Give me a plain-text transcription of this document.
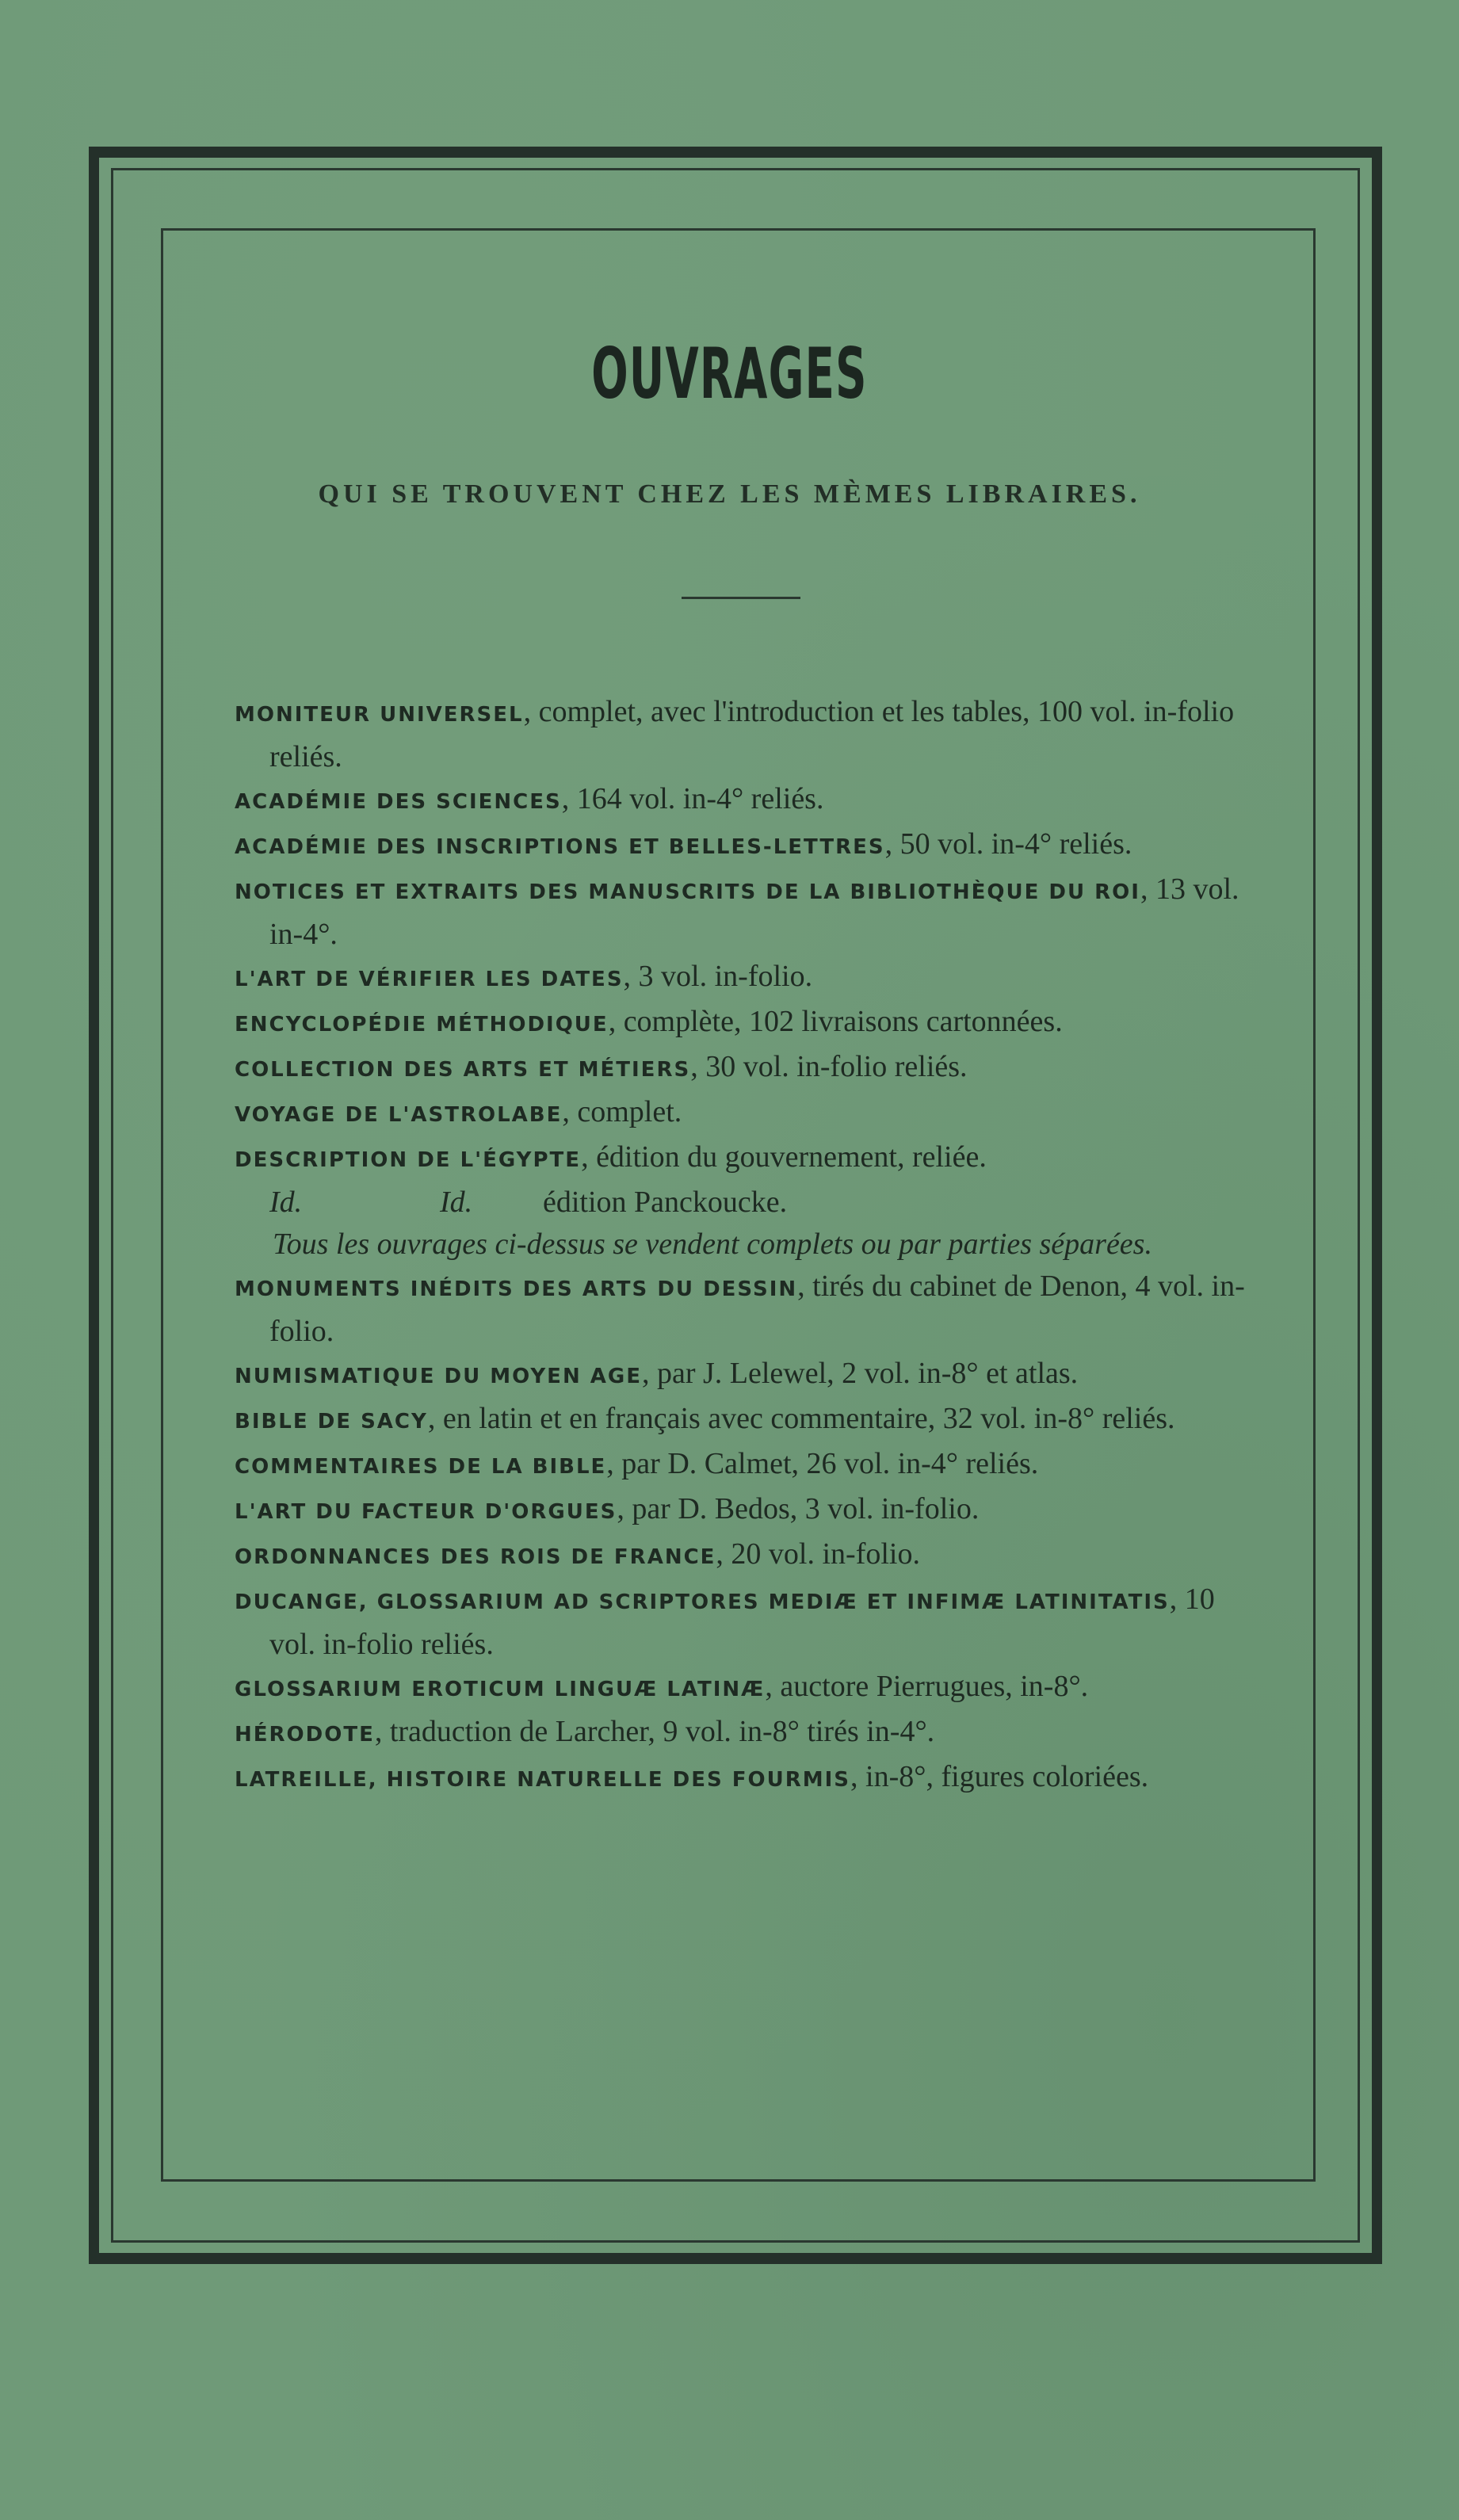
OUVRAGES
QUI SE TROUVENT CHEZ LES MÈMES LIBRAIRES.

MONITEUR UNIVERSEL, complet, avec l'introduction et les tables, 100 vol. in-folio reliés.

ACADÉMIE DES SCIENCES, 164 vol. in-4° reliés.

ACADÉMIE DES INSCRIPTIONS ET BELLES-LETTRES, 50 vol. in-4° reliés.

NOTICES ET EXTRAITS DES MANUSCRITS DE LA BIBLIOTHÈQUE DU ROI, 13 vol. in-4°.

L'ART DE VÉRIFIER LES DATES, 3 vol. in-folio.

ENCYCLOPÉDIE MÉTHODIQUE, complète, 102 livraisons cartonnées.

COLLECTION DES ARTS ET MÉTIERS, 30 vol. in-folio reliés.

VOYAGE DE L'ASTROLABE, complet.

DESCRIPTION DE L'ÉGYPTE, édition du gouvernement, reliée.

Id.	Id. édition Panckoucke.

Tous les ouvrages ci-dessus se vendent complets ou par parties séparées.

MONUMENTS INÉDITS DES ARTS DU DESSIN, tirés du cabinet de Denon, 4 vol. in-folio.

NUMISMATIQUE DU MOYEN AGE, par J. Lelewel, 2 vol. in-8° et atlas.

BIBLE DE SACY, en latin et en français avec commentaire, 32 vol. in-8° reliés.

COMMENTAIRES DE LA BIBLE, par D. Calmet, 26 vol. in-4° reliés.

L'ART DU FACTEUR D'ORGUES, par D. Bedos, 3 vol. in-folio.

ORDONNANCES DES ROIS DE FRANCE, 20 vol. in-folio.

DUCANGE, GLOSSARIUM AD SCRIPTORES MEDIÆ ET INFIMÆ LATINITATIS, 10 vol. in-folio reliés.

GLOSSARIUM EROTICUM LINGUÆ LATINÆ, auctore Pierrugues, in-8°.

HÉRODOTE, traduction de Larcher, 9 vol. in-8° tirés in-4°.

LATREILLE, HISTOIRE NATURELLE DES FOURMIS, in-8°, figures coloriées.
